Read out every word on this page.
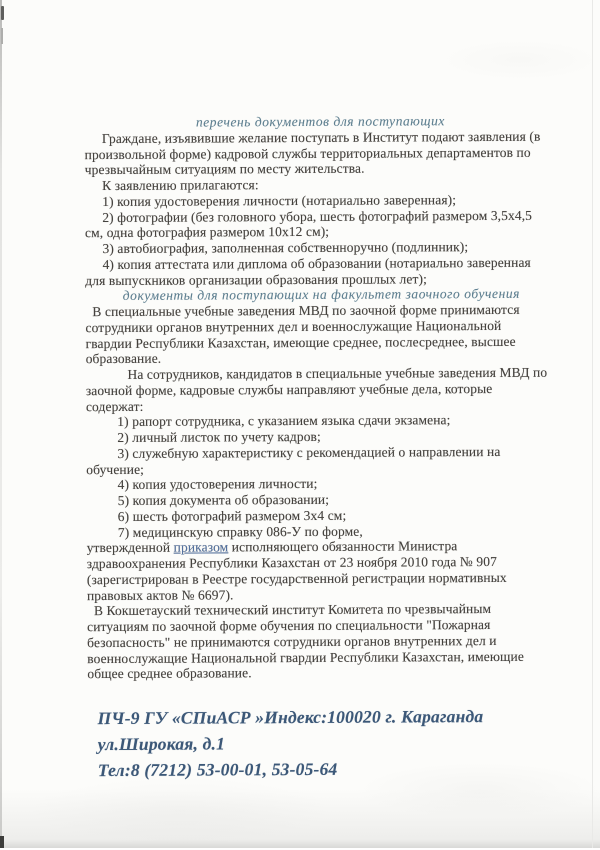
перечень документов для поступающих

Граждане, изъявившие желание поступать в Институт подают заявления (в
произвольной форме) кадровой службы территориальных департаментов по
чрезвычайным ситуациям по месту жительства.

К заявлению прилагаются:

1) копия удостоверения личности (нотариально заверенная);
2) фотографии (без головного убора, шесть фотографий размером 3,5х4,5
см, одна фотография размером 10х12 см);
3) автобиография, заполненная собственноручно (подлинник);
4) копия аттестата или диплома об образовании (нотариально заверенная
для выпускников организации образования прошлых лет);

документы для поступающих на факультет заочного обучения

В специальные учебные заведения МВД по заочной форме принимаются
сотрудники органов внутренних дел и военнослужащие Национальной
гвардии Республики Казахстан, имеющие среднее, послесреднее, высшее
образование.

На сотрудников, кандидатов в специальные учебные заведения МВД по
заочной форме, кадровые службы направляют учебные дела, которые
содержат:

1) рапорт сотрудника, с указанием языка сдачи экзамена;
2) личный листок по учету кадров;
3) служебную характеристику с рекомендацией о направлении на
обучение;
4) копия удостоверения личности;
5) копия документа об образовании;
6) шесть фотографий размером 3х4 см;

7) медицинскую справку 086-У по форме,
утвержденной приказом исполняющего обязанности Министра
здравоохранения Республики Казахстан от 23 ноября 2010 года № 907
(зарегистрирован в Реестре государственной регистрации нормативных
правовых актов № 6697).

В Кокшетауский технический институт Комитета по чрезвычайным
ситуациям по заочной форме обучения по специальности "Пожарная
безопасность" не принимаются сотрудники органов внутренних дел и
военнослужащие Национальной гвардии Республики Казахстан, имеющие
общее среднее образование.

ПЧ-9 ГУ «СПиАСР »Индекс:100020 г. Караганда
ул.Широкая, д.1
Тел:8 (7212) 53-00-01, 53-05-64
